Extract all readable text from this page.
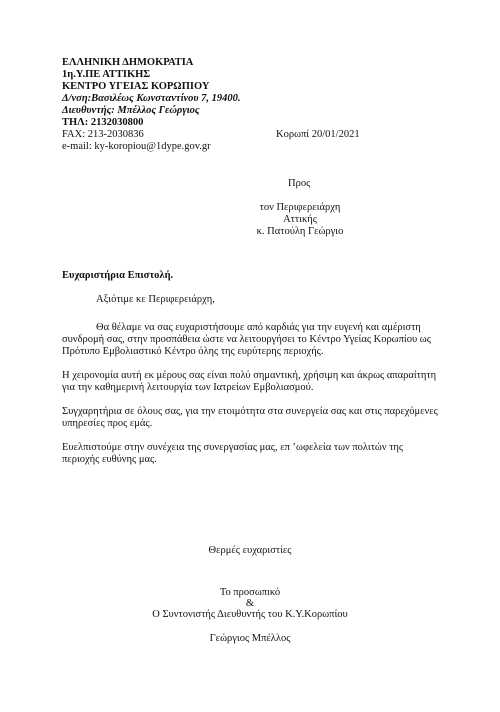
ΕΛΛΗΝΙΚΗ ΔΗΜΟΚΡΑΤΙΑ
1η.Υ.ΠΕ ΑΤΤΙΚΗΣ
ΚΕΝΤΡΟ ΥΓΕΙΑΣ ΚΟΡΩΠΙΟΥ
Δ/νση:Βασιλέως Κωνσταντίνου 7, 19400.
Διευθυντής: Μπέλλος Γεώργιος
ΤΗΛ: 2132030800
FAX: 213-2030836	Κορωπί 20/01/2021
e-mail: ky-koropiou@1dype.gov.gr
Προς
τον Περιφερειάρχη
Αττικής
κ. Πατούλη Γεώργιο
Ευχαριστήρια Επιστολή.
Αξιότιμε κε Περιφερειάρχη,
Θα θέλαμε να σας ευχαριστήσουμε από καρδιάς για την ευγενή και αμέριστη
συνδρομή σας, στην προσπάθεια ώστε να λειτουργήσει το Κέντρο Υγείας Κορωπίου ως
Πρότυπο Εμβολιαστικό Κέντρο όλης της ευρύτερης περιοχής.
Η χειρονομία αυτή εκ μέρους σας είναι πολύ σημαντική, χρήσιμη και άκρως απαραίτητη
για την καθημερινή λειτουργία των Ιατρείων Εμβολιασμού.
Συγχαρητήρια σε όλους σας, για την ετοιμότητα στα συνεργεία σας και στις παρεχόμενες
υπηρεσίες προς εμάς.
Ευελπιστούμε στην συνέχεια της συνεργασίας μας, επ ’ωφελεία των πολιτών της
περιοχής ευθύνης μας.
Θερμές ευχαριστίες
Το προσωπικό
&
Ο Συντονιστής Διευθυντής του Κ.Υ.Κορωπίου
Γεώργιος Μπέλλος
